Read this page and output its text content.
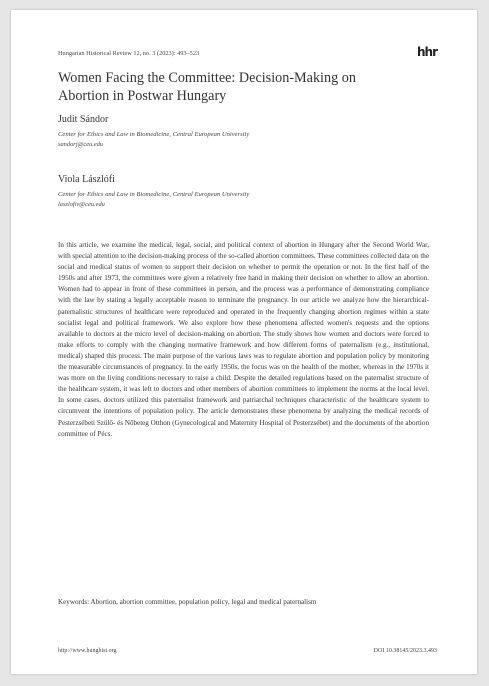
Hungarian Historical Review 12, no. 3 (2023): 493–523	hhr
Women Facing the Committee: Decision-Making on Abortion in Postwar Hungary
Judit Sándor
Center for Ethics and Law in Biomedicine, Central European University
sandorj@ceu.edu
Viola Lászlófi
Center for Ethics and Law in Biomedicine, Central European University
laszlofiv@ceu.edu

In this article, we examine the medical, legal, social, and political context of abortion in Hungary after the Second World War, with special attention to the decision-making process of the so-called abortion committees. These committees collected data on the social and medical status of women to support their decision on whether to permit the operation or not. In the first half of the 1950s and after 1973, the committees were given a relatively free hand in making their decision on whether to allow an abortion. Women had to appear in front of these committees in person, and the process was a performance of demonstrating compliance with the law by stating a legally acceptable reason to terminate the pregnancy. In our article we analyze how the hierarchical-paternalistic structures of healthcare were reproduced and operated in the frequently changing abortion regimes within a state socialist legal and political framework. We also explore how these phenomena affected women's requests and the options available to doctors at the micro level of decision-making on abortion. The study shows how women and doctors were forced to make efforts to comply with the changing normative framework and how different forms of paternalism (e.g., institutional, medical) shaped this process. The main purpose of the various laws was to regulate abortion and population policy by monitoring the measurable circumstances of pregnancy. In the early 1950s, the focus was on the health of the mother, whereas in the 1970s it was more on the living conditions necessary to raise a child. Despite the detailed regulations based on the paternalist structure of the healthcare system, it was left to doctors and other members of abortion committees to implement the norms at the local level. In some cases, doctors utilized this paternalist framework and patriarchal techniques characteristic of the healthcare system to circumvent the intentions of population policy. The article demonstrates these phenomena by analyzing the medical records of Pesterzsébeti Szülő- és Nőbeteg Otthon (Gynecological and Maternity Hospital of Pesterzsébet) and the documents of the abortion committee of Pécs.

Keywords: Abortion, abortion committee, population policy, legal and medical paternalism

http://www.hunghist.org	DOI 10.38145/2023.3.493
